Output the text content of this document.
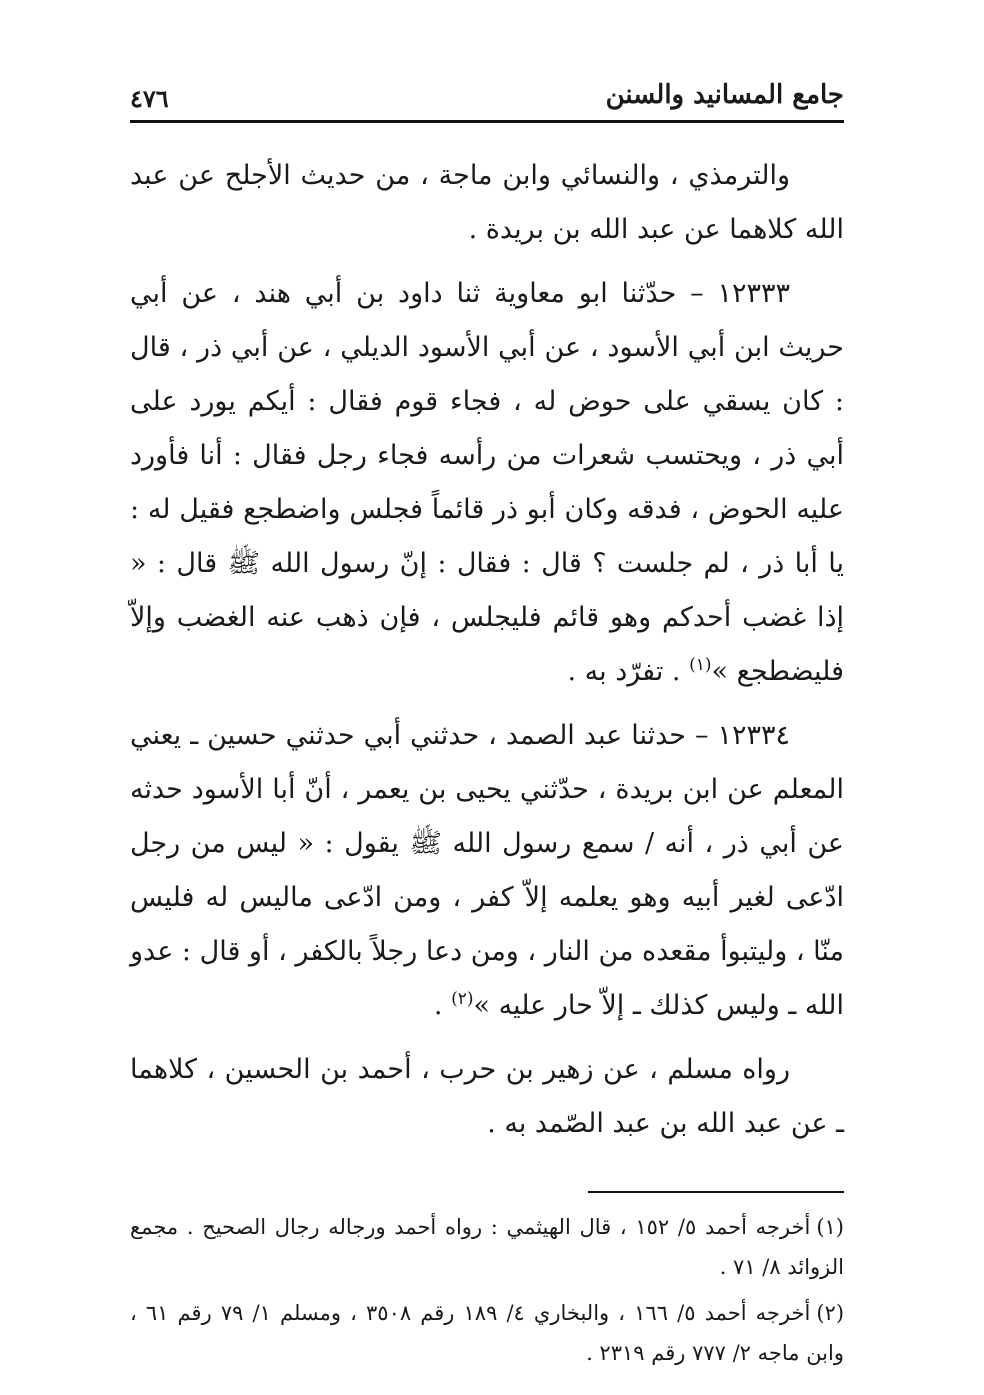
جامع المسانيد والسنن
٤٧٦

والترمذي ، والنسائي وابن ماجة ، من حديث الأجلح عن عبد الله كلاهما عن عبد الله بن بريدة .

١٢٣٣٣ – حدّثنا ابو معاوية ثنا داود بن أبي هند ، عن أبي حريث ابن أبي الأسود ، عن أبي الأسود الديلي ، عن أبي ذر ، قال : كان يسقي على حوض له ، فجاء قوم فقال : أيكم يورد على أبي ذر ، ويحتسب شعرات من رأسه فجاء رجل فقال : أنا فأورد عليه الحوض ، فدقه وكان أبو ذر قائماً فجلس واضطجع فقيل له : يا أبا ذر ، لم جلست ؟ قال : فقال : إنّ رسول الله ﷺ قال : « إذا غضب أحدكم وهو قائم فليجلس ، فإن ذهب عنه الغضب وإلاّ فليضطجع »$^{(١)}$ . تفرّد به .

١٢٣٣٤ – حدثنا عبد الصمد ، حدثني أبي حدثني حسين ـ يعني المعلم عن ابن بريدة ، حدّثني يحيى بن يعمر ، أنّ أبا الأسود حدثه عن أبي ذر ، أنه / سمع رسول الله ﷺ يقول : « ليس من رجل ادّعى لغير أبيه وهو يعلمه إلاّ كفر ، ومن ادّعى ماليس له فليس منّا ، وليتبوأ مقعده من النار ، ومن دعا رجلاً بالكفر ، أو قال : عدو الله ـ وليس كذلك ـ إلاّ حار عليه »$^{(٢)}$ .

رواه مسلم ، عن زهير بن حرب ، أحمد بن الحسين ، كلاهما ـ عن عبد الله بن عبد الصّمد به .

(١)أخرجه أحمد ٥/ ١٥٢ ، قال الهيثمي : رواه أحمد ورجاله رجال الصحيح . مجمع الزوائد ٨/ ٧١ .

(٢)أخرجه أحمد ٥/ ١٦٦ ، والبخاري ٤/ ١٨٩ رقم ٣٥٠٨ ، ومسلم ١/ ٧٩ رقم ٦١ ، وابن ماجه ٢/ ٧٧٧ رقم ٢٣١٩ .
